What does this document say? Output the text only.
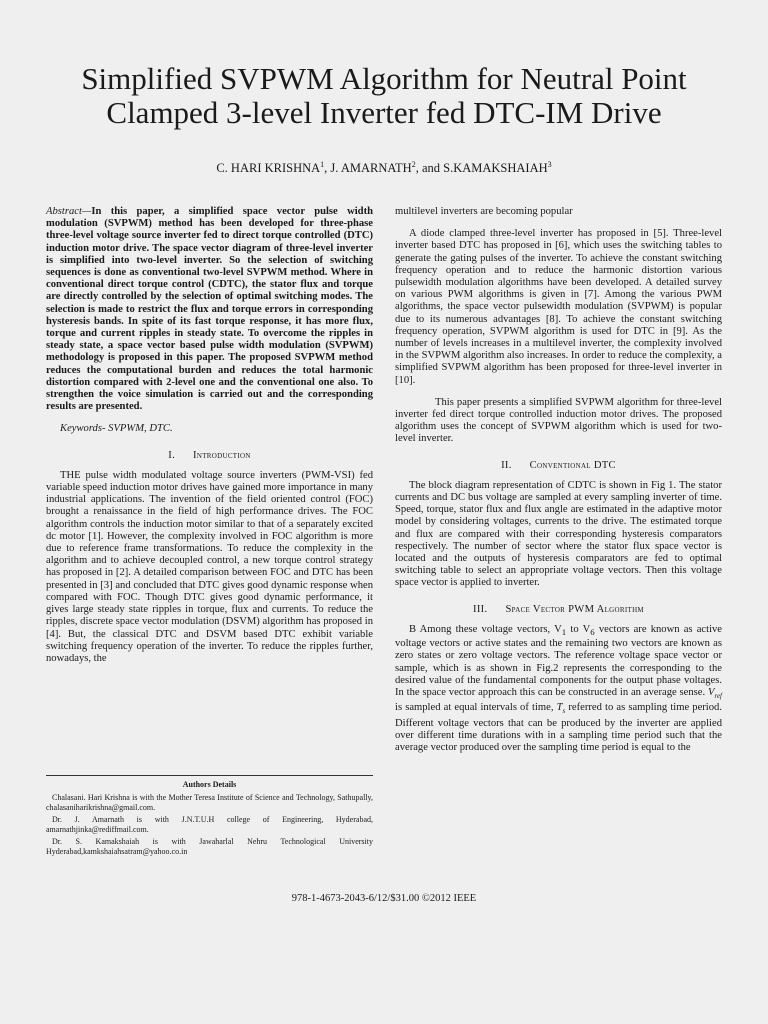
Simplified SVPWM Algorithm for Neutral Point Clamped 3-level Inverter fed DTC-IM Drive
C. HARI KRISHNA$^1$, J. AMARNATH$^2$, and S.KAMAKSHAIAH$^3$

Abstract—In this paper, a simplified space vector pulse width modulation (SVPWM) method has been developed for three-phase three-level voltage source inverter fed to direct torque controlled (DTC) induction motor drive. The space vector diagram of three-level inverter is simplified into two-level inverter. So the selection of switching sequences is done as conventional two-level SVPWM method. Where in conventional direct torque control (CDTC), the stator flux and torque are directly controlled by the selection of optimal switching modes. The selection is made to restrict the flux and torque errors in corresponding hysteresis bands. In spite of its fast torque response, it has more flux, torque and current ripples in steady state. To overcome the ripples in steady state, a space vector based pulse width modulation (SVPWM) methodology is proposed in this paper. The proposed SVPWM method reduces the computational burden and reduces the total harmonic distortion compared with 2-level one and the conventional one also. To strengthen the voice simulation is carried out and the corresponding results are presented.

Keywords- SVPWM, DTC.

I. Introduction

THE pulse width modulated voltage source inverters (PWM-VSI) fed variable speed induction motor drives have gained more importance in many industrial applications. The invention of the field oriented control (FOC) brought a renaissance in the field of high performance drives. The FOC algorithm controls the induction motor similar to that of a separately excited dc motor [1]. However, the complexity involved in FOC algorithm is more due to reference frame transformations. To reduce the complexity in the algorithm and to achieve decoupled control, a new torque control strategy has proposed in [2]. A detailed comparison between FOC and DTC has been presented in [3] and concluded that DTC gives good dynamic response when compared with FOC. Though DTC gives good dynamic performance, it gives large steady state ripples in torque, flux and currents. To reduce the ripples, discrete space vector modulation (DSVM) algorithm has proposed in [4]. But, the classical DTC and DSVM based DTC exhibit variable switching frequency operation of the inverter. To reduce the ripples further, nowadays, the

Authors Details

Chalasani. Hari Krishna is with the Mother Teresa Institute of Science and Technology, Sathupally, chalasaniharikrishna@gmail.com.

Dr. J. Amarnath is with J.N.T.U.H college of Engineering, Hyderabad, amarnathjinka@rediffmail.com.

Dr. S. Kamakshaiah is with Jawaharlal Nehru Technological University Hyderabad,kamkshaiahsatram@yahoo.co.in

multilevel inverters are becoming popular

A diode clamped three-level inverter has proposed in [5]. Three-level inverter based DTC has proposed in [6], which uses the switching tables to generate the gating pulses of the inverter. To achieve the constant switching frequency operation and to reduce the harmonic distortion various pulsewidth modulation algorithms have been developed. A detailed survey on various PWM algorithms is given in [7]. Among the various PWM algorithms, the space vector pulsewidth modulation (SVPWM) is popular due to its numerous advantages [8]. To achieve the constant switching frequency operation, SVPWM algorithm is used for DTC in [9]. As the number of levels increases in a multilevel inverter, the complexity involved in the SVPWM algorithm also increases. In order to reduce the complexity, a simplified SVPWM algorithm has been proposed for three-level inverter in [10].

This paper presents a simplified SVPWM algorithm for three-level inverter fed direct torque controlled induction motor drives. The proposed algorithm uses the concept of SVPWM algorithm which is used for two-level inverter.

II. Conventional DTC

The block diagram representation of CDTC is shown in Fig 1. The stator currents and DC bus voltage are sampled at every sampling inverter of time. Speed, torque, stator flux and flux angle are estimated in the adaptive motor model by considering voltages, currents to the drive. The estimated torque and flux are compared with their corresponding hysteresis comparators respectively. The number of sector where the stator flux space vector is located and the outputs of hysteresis comparators are fed to optimal switching table to select an appropriate voltage vectors. Then this voltage space vector is applied to inverter.

III. Space Vector PWM Algorithm

B Among these voltage vectors, $V_1$ to $V_6$ vectors are known as active voltage vectors or active states and the remaining two vectors are known as zero states or zero voltage vectors. The reference voltage space vector or sample, which is as shown in Fig.2 represents the corresponding to the desired value of the fundamental components for the output phase voltages. In the space vector approach this can be constructed in an average sense. $V_{ref}$ is sampled at equal intervals of time, $T_s$ referred to as sampling time period. Different voltage vectors that can be produced by the inverter are applied over different time durations with in a sampling time period such that the average vector produced over the sampling time period is equal to the

978-1-4673-2043-6/12/$31.00 ©2012 IEEE
